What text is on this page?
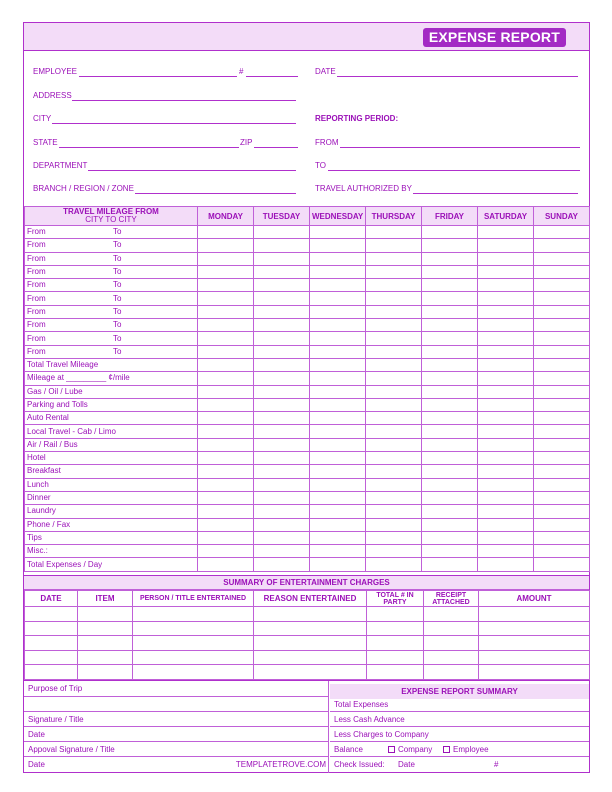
EXPENSE REPORT
EMPLOYEE	#	DATE
ADDRESS
CITY	REPORTING PERIOD:
STATE	ZIP	FROM
DEPARTMENT	TO
BRANCH / REGION / ZONE	TRAVEL AUTHORIZED BY
TRAVEL MILEAGE FROM
CITY TO CITY	MONDAY	TUESDAY	WEDNESDAY	THURSDAY	FRIDAY	SATURDAY	SUNDAY
From To							
From To							
From To							
From To							
From To							
From To							
From To							
From To							
From To							
From To							
Total Travel Mileage							
Mileage at _________ ¢/mile							
Gas / Oil / Lube							
Parking and Tolls							
Auto Rental							
Local Travel - Cab / Limo							
Air / Rail / Bus							
Hotel							
Breakfast							
Lunch							
Dinner							
Laundry							
Phone / Fax							
Tips							
Misc.:							
Total Expenses / Day							
SUMMARY OF ENTERTAINMENT CHARGES
DATE	ITEM	PERSON / TITLE ENTERTAINED	REASON ENTERTAINED	TOTAL # IN PARTY	RECEIPT ATTACHED	AMOUNT

Purpose of Trip
Signature / Title
Date
Appoval Signature / Title
Date	TEMPLATETROVE.COM
EXPENSE REPORT SUMMARY
Total Expenses
Less Cash Advance
Less Charges to Company
Balance	Company	Employee
Check Issued: Date	#
